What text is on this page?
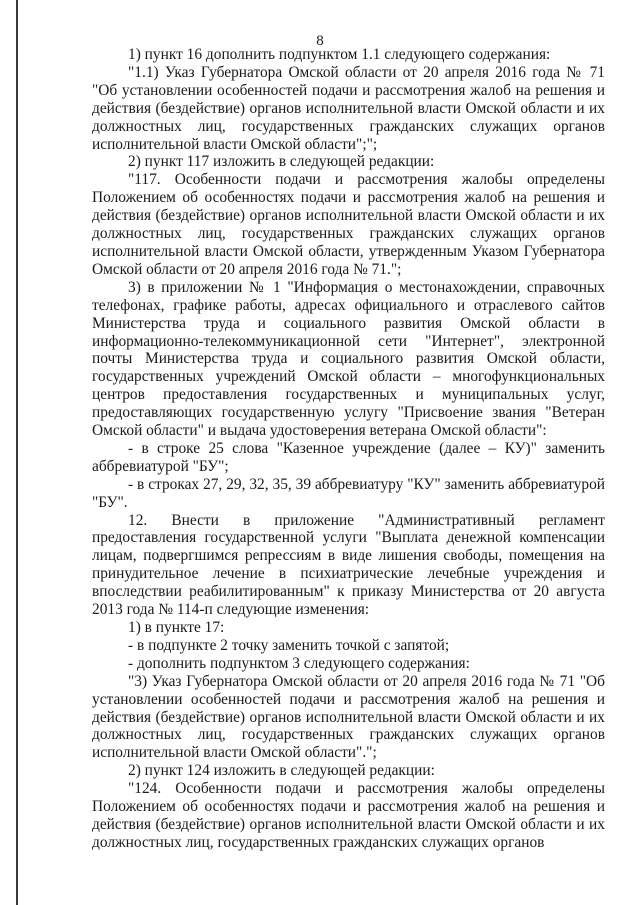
8

1) пункт 16 дополнить подпунктом 1.1 следующего содержания:

"1.1) Указ Губернатора Омской области от 20 апреля 2016 года № 71 "Об установлении особенностей подачи и рассмотрения жалоб на решения и действия (бездействие) органов исполнительной власти Омской области и их должностных лиц, государственных гражданских служащих органов исполнительной власти Омской области";";

2) пункт 117 изложить в следующей редакции:

"117. Особенности подачи и рассмотрения жалобы определены Положением об особенностях подачи и рассмотрения жалоб на решения и действия (бездействие) органов исполнительной власти Омской области и их должностных лиц, государственных гражданских служащих органов исполнительной власти Омской области, утвержденным Указом Губернатора Омской области от 20 апреля 2016 года № 71.";

3) в приложении № 1 "Информация о местонахождении, справочных телефонах, графике работы, адресах официального и отраслевого сайтов Министерства труда и социального развития Омской области в информационно-телекоммуникационной сети "Интернет", электронной почты Министерства труда и социального развития Омской области, государственных учреждений Омской области – многофункциональных центров предоставления государственных и муниципальных услуг, предоставляющих государственную услугу "Присвоение звания "Ветеран Омской области" и выдача удостоверения ветерана Омской области":

- в строке 25 слова "Казенное учреждение (далее – КУ)" заменить аббревиатурой "БУ";

- в строках 27, 29, 32, 35, 39 аббревиатуру "КУ" заменить аббревиатурой "БУ".

12. Внести в приложение "Административный регламент предоставления государственной услуги "Выплата денежной компенсации лицам, подвергшимся репрессиям в виде лишения свободы, помещения на принудительное лечение в психиатрические лечебные учреждения и впоследствии реабилитированным" к приказу Министерства от 20 августа 2013 года № 114-п следующие изменения:

1) в пункте 17:

- в подпункте 2 точку заменить точкой с запятой;

- дополнить подпунктом 3 следующего содержания:

"3) Указ Губернатора Омской области от 20 апреля 2016 года № 71 "Об установлении особенностей подачи и рассмотрения жалоб на решения и действия (бездействие) органов исполнительной власти Омской области и их должностных лиц, государственных гражданских служащих органов исполнительной власти Омской области".";

2) пункт 124 изложить в следующей редакции:

"124. Особенности подачи и рассмотрения жалобы определены Положением об особенностях подачи и рассмотрения жалоб на решения и действия (бездействие) органов исполнительной власти Омской области и их должностных лиц, государственных гражданских служащих органов
